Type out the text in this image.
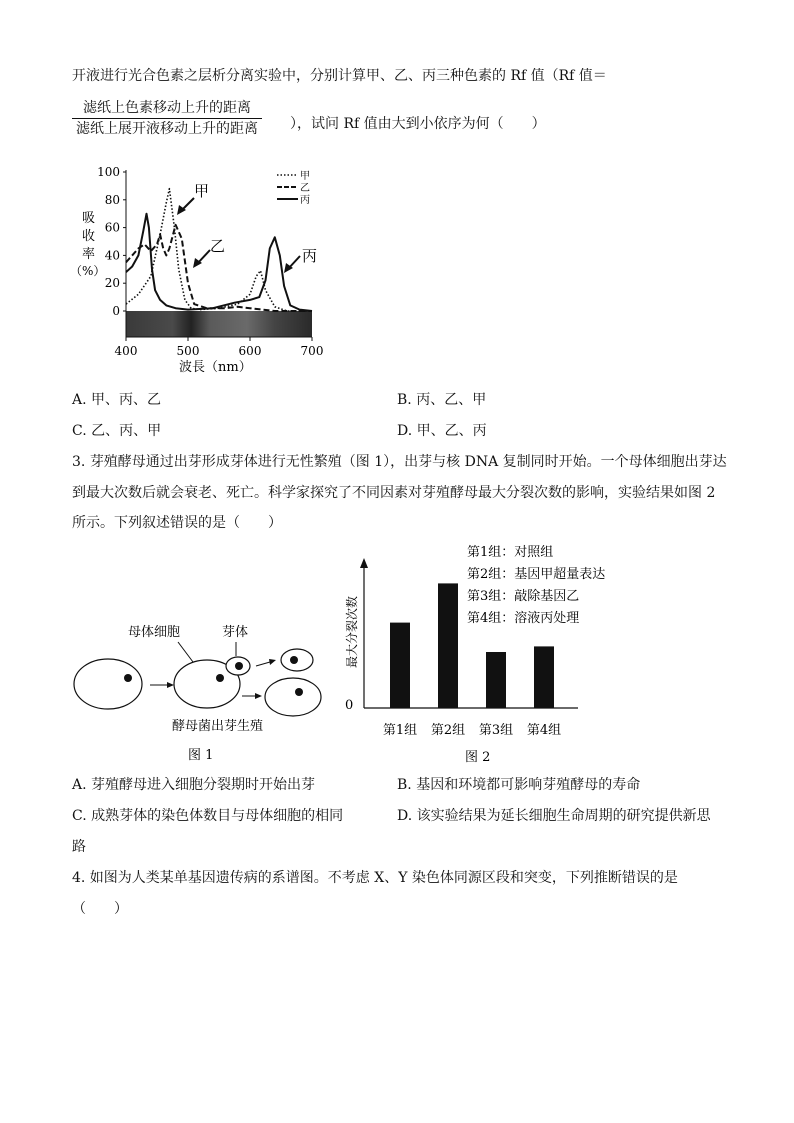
开液进行光合色素之层析分离实验中，分别计算甲、乙、丙三种色素的 Rf 值（Rf 值＝
滤纸上色素移动上升的距离
滤纸上展开液移动上升的距离 ），试问 Rf 值由大到小依序为何（　　）
100
80
60
40
20
0
400	500	600	700
吸
收
率
（%）
波長（nm）
甲
乙
丙
甲
乙
丙
A. 甲、丙、乙	B. 丙、乙、甲
C. 乙、丙、甲	D. 甲、乙、丙
3. 芽殖酵母通过出芽形成芽体进行无性繁殖（图 1），出芽与核 DNA 复制同时开始。一个母体细胞出芽达
到最大次数后就会衰老、死亡。科学家探究了不同因素对芽殖酵母最大分裂次数的影响，实验结果如图 2
所示。下列叙述错误的是（　　）
母体细胞	芽体
酵母菌出芽生殖
图 1
0
最大分裂次数
第1组 第2组 第3组 第4组
第1组：对照组
第2组：基因甲超量表达
第3组：敲除基因乙
第4组：溶液丙处理
图 2
A. 芽殖酵母进入细胞分裂期时开始出芽	B. 基因和环境都可影响芽殖酵母的寿命
C. 成熟芽体的染色体数目与母体细胞的相同	D. 该实验结果为延长细胞生命周期的研究提供新思
路
4. 如图为人类某单基因遗传病的系谱图。不考虑 X、Y 染色体同源区段和突变，下列推断错误的是
（　　）
